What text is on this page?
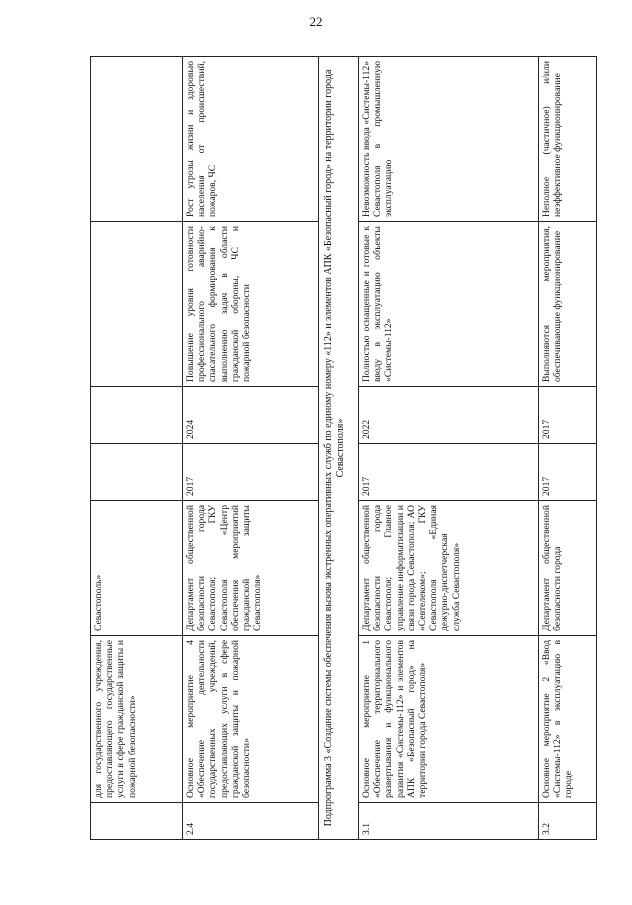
22
	для государственного учреждения, предоставляющего государственные услуги в сфере гражданской защиты и пожарной безопасности»	Севастополь»				
2.4	Основное мероприятие 4 «Обеспечение деятельности государственных учреждений, предоставляющих услуги в сфере гражданской защиты и пожарной безопасности»	Департамент общественной безопасности города Севастополя; ГКУ Севастополя «Центр обеспечения мероприятий гражданской защиты Севастополя»	2017	2024	Повышение уровня готовности профессионального аварийно-спасательного формирования к выполнению задач в области гражданской обороны, ЧС и пожарной безопасности	Рост угрозы жизни и здоровью населения от происшествий, пожаров, ЧС
Подпрограмма 3 «Создание системы обеспечения вызова экстренных оперативных служб по единому номеру «112» и элементов АПК «Безопасный город» на территории города Севастополя»						
3.1	Основное мероприятие 1 «Обеспечение территориального развертывания и функционального развития «Системы-112» и элементов АПК «Безопасный город» на территории города Севастополя»	Департамент общественной безопасности города Севастополя; Главное управление информатизации и связи города Севастополя; АО «Севтелеком»; ГКУ Севастополя «Единая дежурно-диспетчерская служба Севастополя»	2017	2022	Полностью оснащенные и готовые к вводу в эксплуатацию объекты «Системы-112»	Невозможность ввода «Системы-112» Севастополя в промышленную эксплуатацию
3.2	Основное мероприятие 2 «Ввод «Системы-112» в эксплуатацию в городе	Департамент общественной безопасности города	2017	2017	Выполняются мероприятия, обеспечивающие функционирование	Неполное (частичное) и/или неэффективное функционирование
